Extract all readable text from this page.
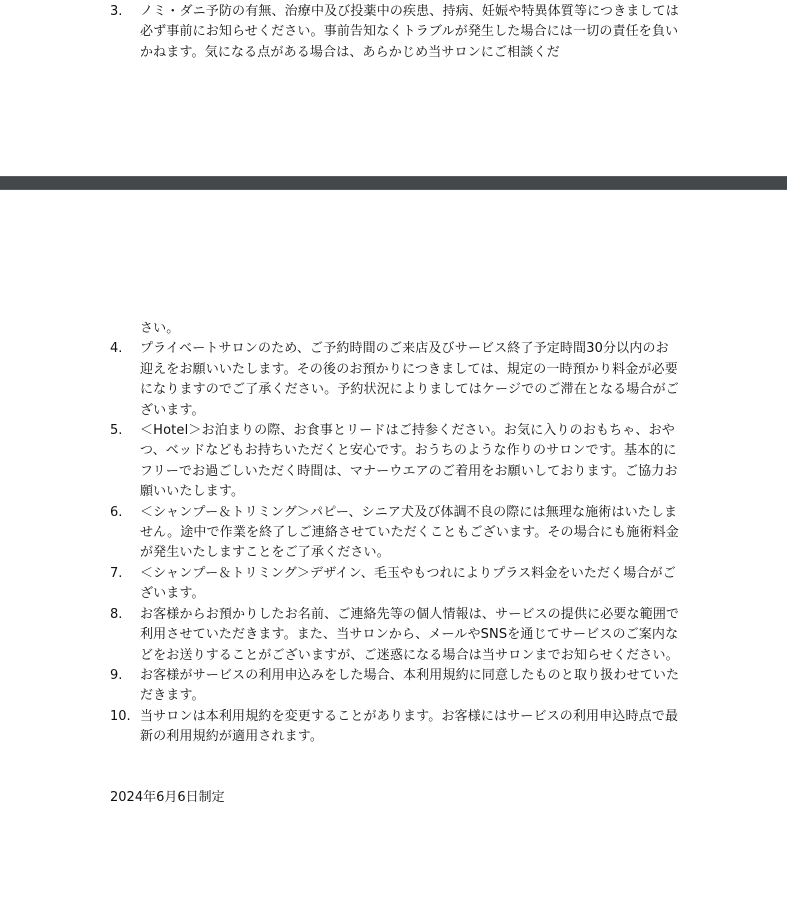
3.	ノミ・ダニ予防の有無、治療中及び投薬中の疾患、持病、妊娠や特異体質等につきましては必ず事前にお知らせください。事前告知なくトラブルが発生した場合には一切の責任を負いかねます。気になる点がある場合は、あらかじめ当サロンにご相談くだ
さい。
4.	プライベートサロンのため、ご予約時間のご来店及びサービス終了予定時間30分以内のお迎えをお願いいたします。その後のお預かりにつきましては、規定の一時預かり料金が必要になりますのでご了承ください。予約状況によりましてはケージでのご滞在となる場合がございます。
5.	＜Hotel＞お泊まりの際、お食事とリードはご持参ください。お気に入りのおもちゃ、おやつ、ベッドなどもお持ちいただくと安心です。おうちのような作りのサロンです。基本的にフリーでお過ごしいただく時間は、マナーウエアのご着用をお願いしております。ご協力お願いいたします。
6.	＜シャンプー＆トリミング＞パピー、シニア犬及び体調不良の際には無理な施術はいたしません。途中で作業を終了しご連絡させていただくこともございます。その場合にも施術料金が発生いたしますことをご了承ください。
7.	＜シャンプー＆トリミング＞デザイン、毛玉やもつれによりプラス料金をいただく場合がございます。
8.	お客様からお預かりしたお名前、ご連絡先等の個人情報は、サービスの提供に必要な範囲で利用させていただきます。また、当サロンから、メールやSNSを通じてサービスのご案内などをお送りすることがございますが、ご迷惑になる場合は当サロンまでお知らせください。
9.	お客様がサービスの利用申込みをした場合、本利用規約に同意したものと取り扱わせていただきます。
10. 当サロンは本利用規約を変更することがあります。お客様にはサービスの利用申込時点で最新の利用規約が適用されます。
2024年6月6日制定
